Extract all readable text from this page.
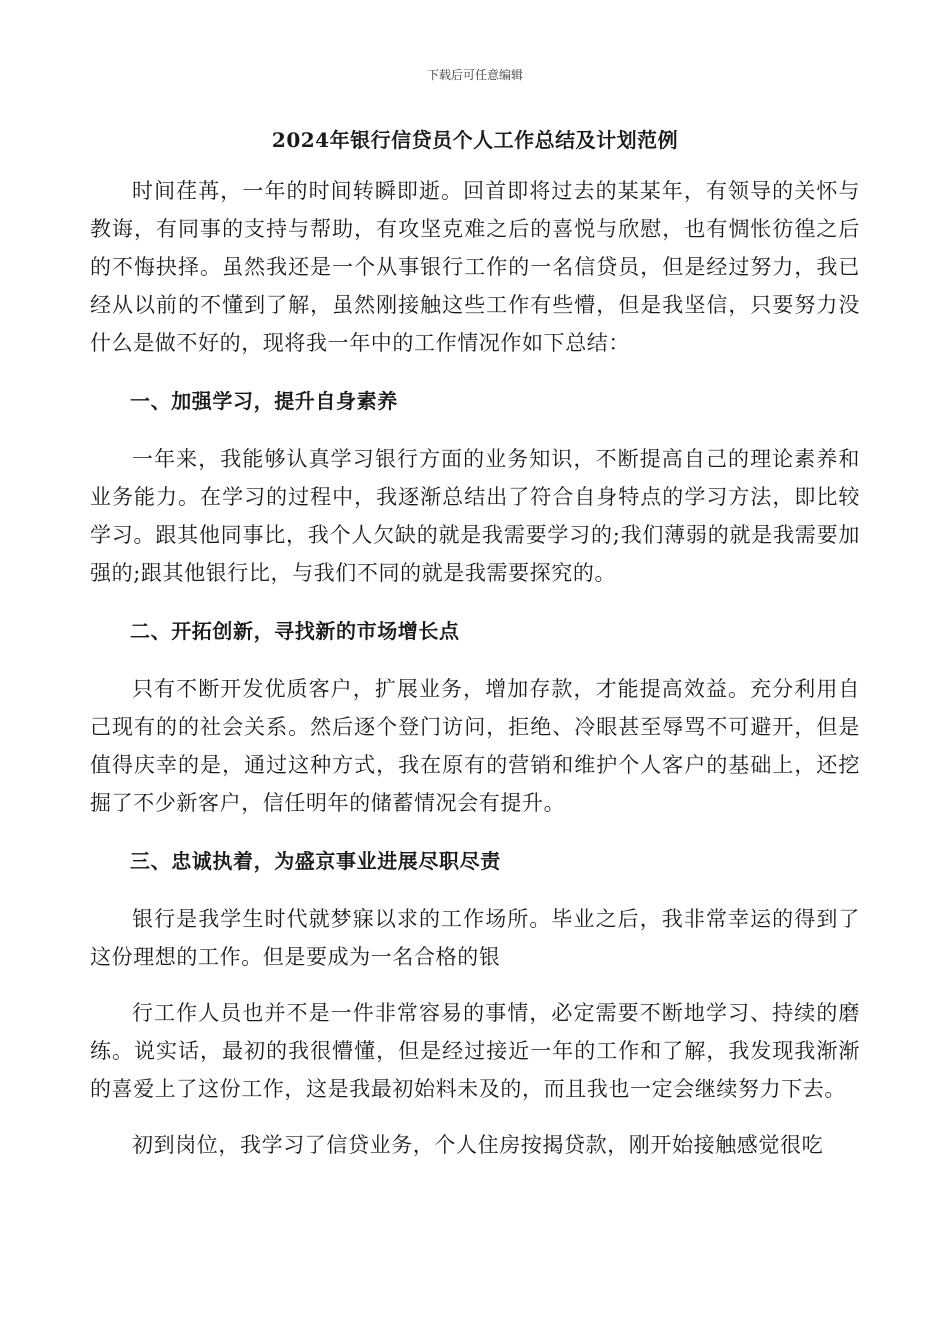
下载后可任意编辑
2024年银行信贷员个人工作总结及计划范例

时间荏苒，一年的时间转瞬即逝。回首即将过去的某某年，有领导的关怀与教诲，有同事的支持与帮助，有攻坚克难之后的喜悦与欣慰，也有惆怅彷徨之后的不悔抉择。虽然我还是一个从事银行工作的一名信贷员，但是经过努力，我已经从以前的不懂到了解，虽然刚接触这些工作有些懵，但是我坚信，只要努力没什么是做不好的，现将我一年中的工作情况作如下总结：

一、加强学习，提升自身素养

一年来，我能够认真学习银行方面的业务知识，不断提高自己的理论素养和业务能力。在学习的过程中，我逐渐总结出了符合自身特点的学习方法，即比较学习。跟其他同事比，我个人欠缺的就是我需要学习的;我们薄弱的就是我需要加强的;跟其他银行比，与我们不同的就是我需要探究的。

二、开拓创新，寻找新的市场增长点

只有不断开发优质客户，扩展业务，增加存款，才能提高效益。充分利用自己现有的的社会关系。然后逐个登门访问，拒绝、冷眼甚至辱骂不可避开，但是值得庆幸的是，通过这种方式，我在原有的营销和维护个人客户的基础上，还挖掘了不少新客户，信任明年的储蓄情况会有提升。

三、忠诚执着，为盛京事业进展尽职尽责

银行是我学生时代就梦寐以求的工作场所。毕业之后，我非常幸运的得到了这份理想的工作。但是要成为一名合格的银

行工作人员也并不是一件非常容易的事情，必定需要不断地学习、持续的磨练。说实话，最初的我很懵懂，但是经过接近一年的工作和了解，我发现我渐渐的喜爱上了这份工作，这是我最初始料未及的，而且我也一定会继续努力下去。

初到岗位，我学习了信贷业务，个人住房按揭贷款，刚开始接触感觉很吃
